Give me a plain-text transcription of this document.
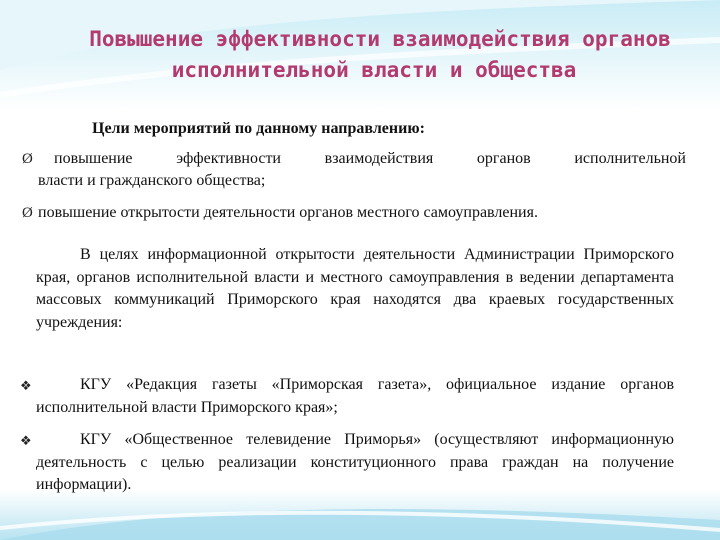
Повышение эффективности взаимодействия органов
исполнительной власти и общества
Цели мероприятий по данному направлению:
Ø	повышение эффективности взаимодействия органов исполнительной
власти и гражданского общества;
Ø повышение открытости деятельности органов местного самоуправления.
В целях информационной открытости деятельности Администрации Приморского края, органов исполнительной власти и местного самоуправления в ведении департамента массовых коммуникаций Приморского края находятся два краевых государственных учреждения:
❖	КГУ «Редакция газеты «Приморская газета», официальное издание органов исполнительной власти Приморского края»;
❖	КГУ «Общественное телевидение Приморья» (осуществляют информационную деятельность с целью реализации конституционного права граждан на получение информации).
